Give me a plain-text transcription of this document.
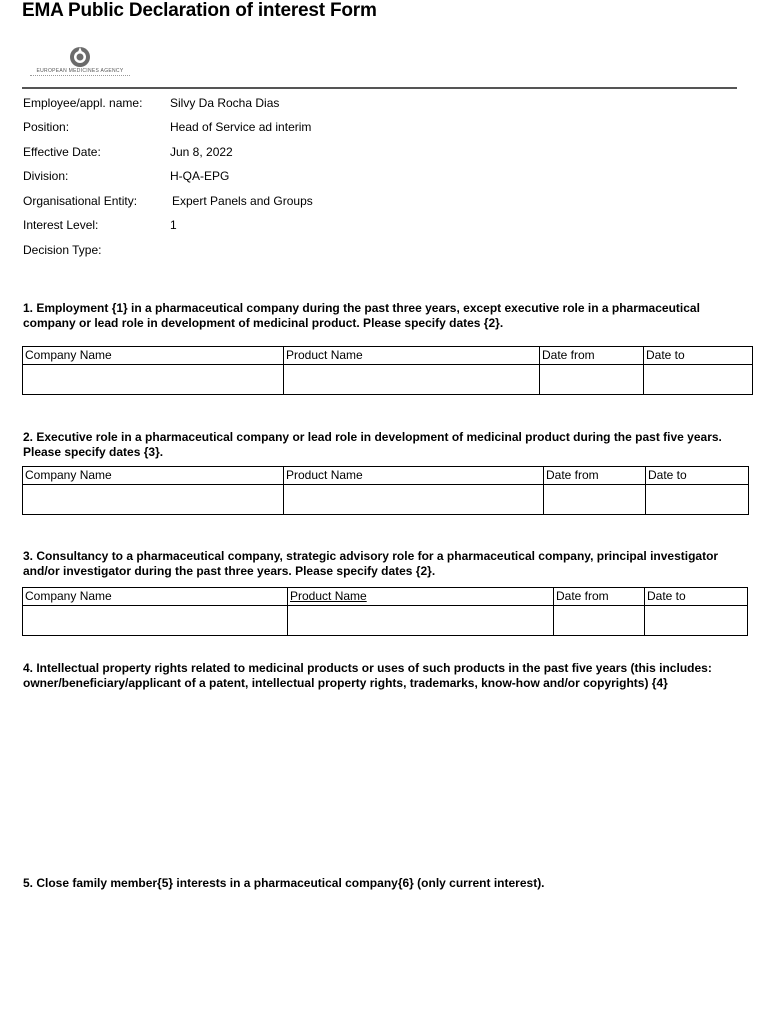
EMA Public Declaration of interest Form
EUROPEAN MEDICINES AGENCY
Employee/appl. name: Silvy Da Rocha Dias
Position:	Head of Service ad interim
Effective Date:	Jun 8, 2022
Division:	H-QA-EPG
Organisational Entity:	Expert Panels and Groups
Interest Level:	1
Decision Type:

1. Employment {1} in a pharmaceutical company during the past three years, except executive role in a pharmaceutical company or lead role in development of medicinal product. Please specify dates {2}.

Company Name	Product Name	Date from	Date to

2. Executive role in a pharmaceutical company or lead role in development of medicinal product during the past five years. Please specify dates {3}.

Company Name	Product Name	Date from	Date to

3. Consultancy to a pharmaceutical company, strategic advisory role for a pharmaceutical company, principal investigator and/or investigator during the past three years. Please specify dates {2}.

Company Name	Product Name	Date from	Date to

4. Intellectual property rights related to medicinal products or uses of such products in the past five years (this includes: owner/beneficiary/applicant of a patent, intellectual property rights, trademarks, know-how and/or copyrights) {4}

5. Close family member{5} interests in a pharmaceutical company{6} (only current interest).
